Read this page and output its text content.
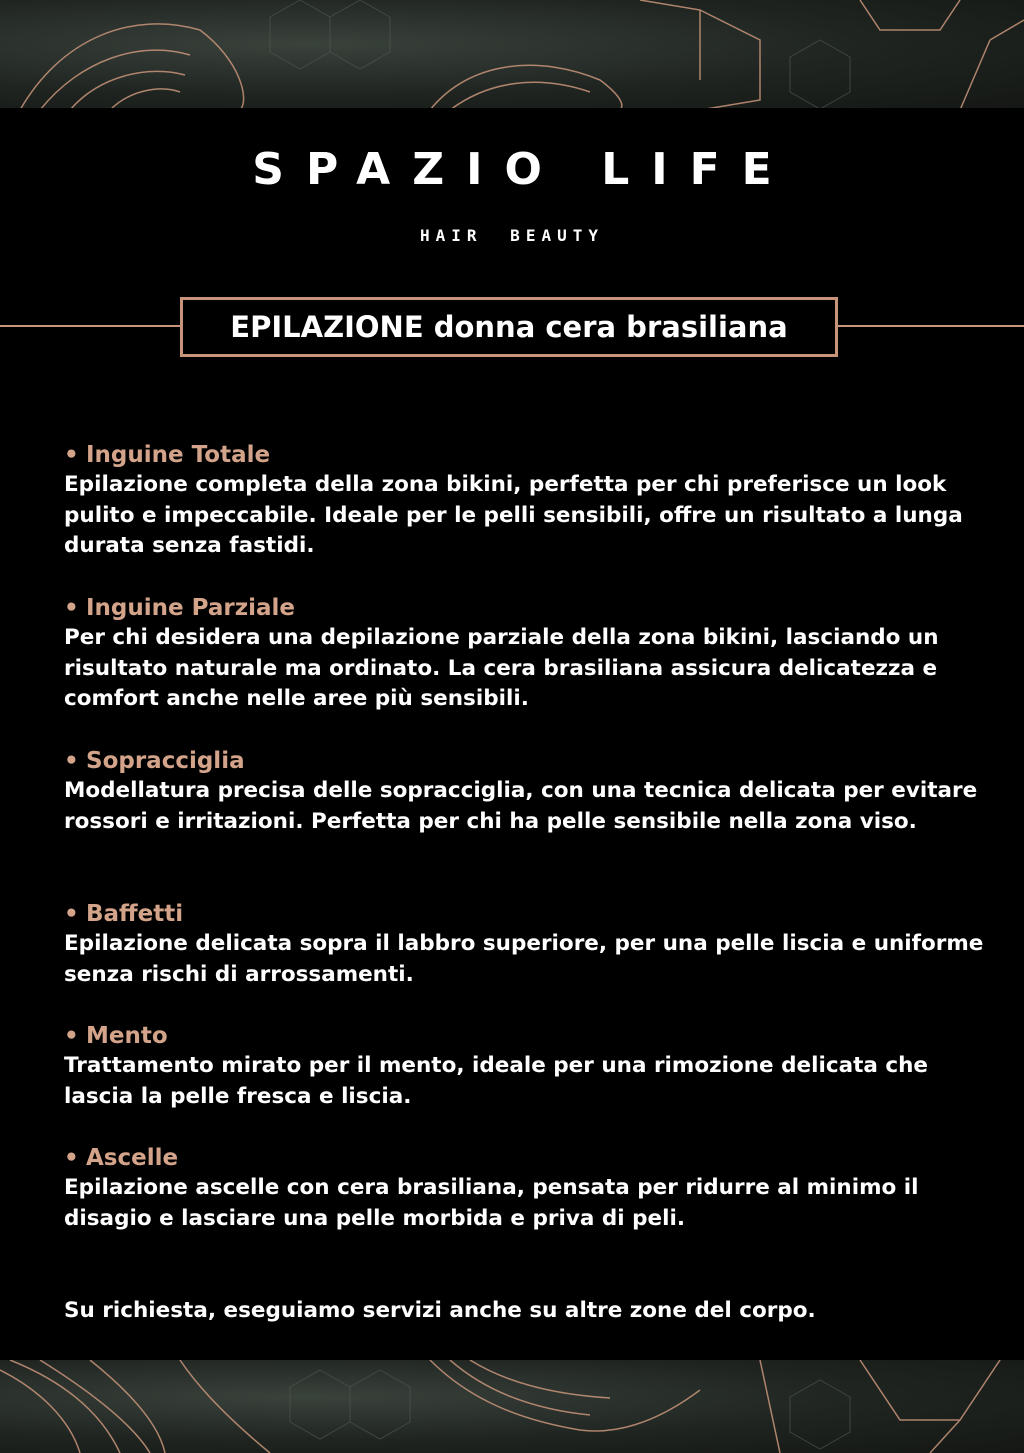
SPAZIO LIFE
HAIR BEAUTY
EPILAZIONE donna cera brasiliana
• Inguine Totale
Epilazione completa della zona bikini, perfetta per chi preferisce un look pulito e impeccabile. Ideale per le pelli sensibili, offre un risultato a lunga durata senza fastidi.
• Inguine Parziale
Per chi desidera una depilazione parziale della zona bikini, lasciando un risultato naturale ma ordinato. La cera brasiliana assicura delicatezza e comfort anche nelle aree più sensibili.
• Sopracciglia
Modellatura precisa delle sopracciglia, con una tecnica delicata per evitare rossori e irritazioni. Perfetta per chi ha pelle sensibile nella zona viso.
• Baffetti
Epilazione delicata sopra il labbro superiore, per una pelle liscia e uniforme senza rischi di arrossamenti.
• Mento
Trattamento mirato per il mento, ideale per una rimozione delicata che lascia la pelle fresca e liscia.
• Ascelle
Epilazione ascelle con cera brasiliana, pensata per ridurre al minimo il disagio e lasciare una pelle morbida e priva di peli.
Su richiesta, eseguiamo servizi anche su altre zone del corpo.
